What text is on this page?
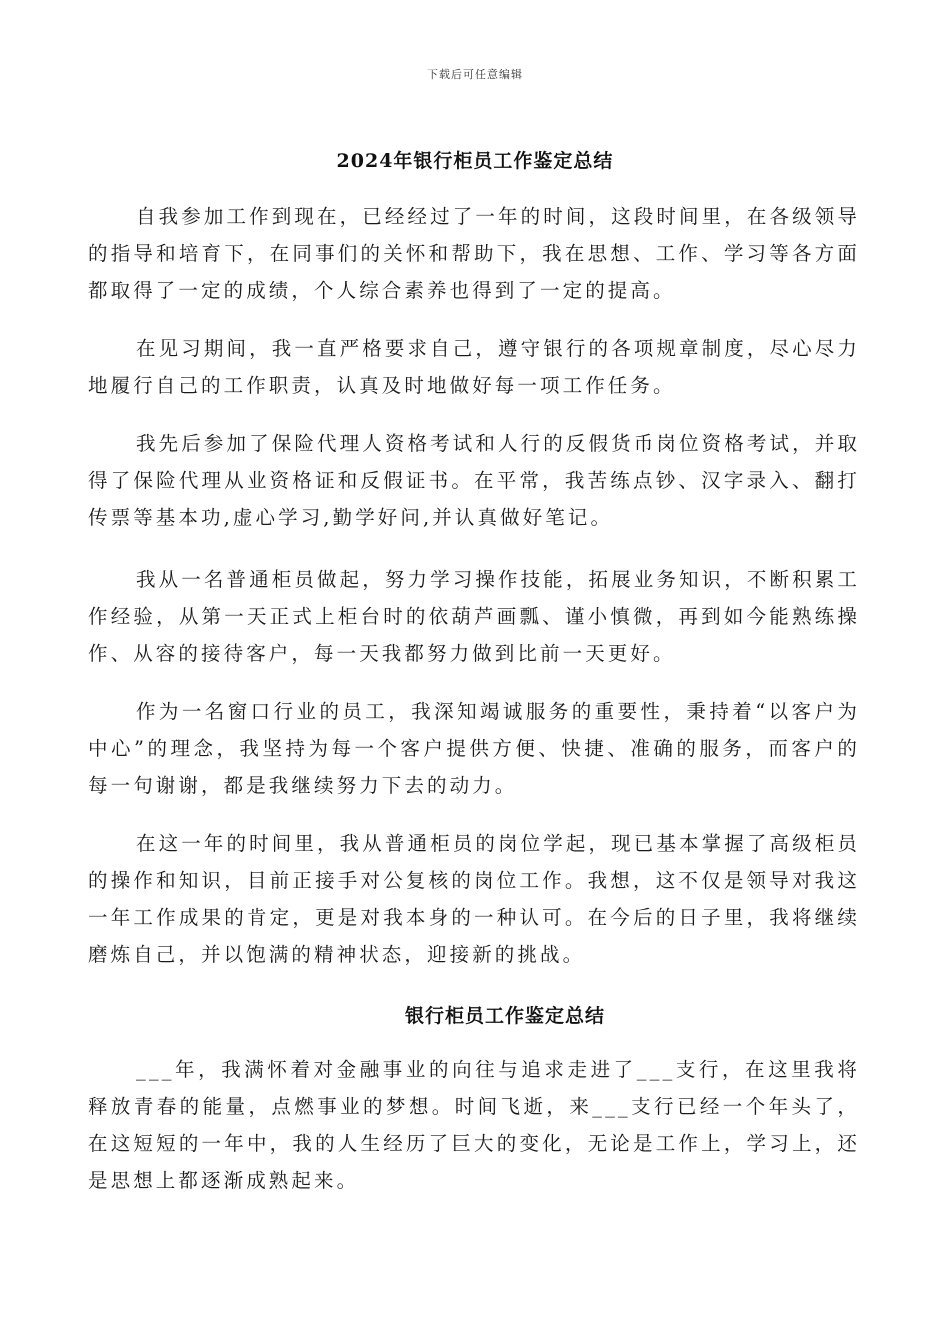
下载后可任意编辑
2024年银行柜员工作鉴定总结

自我参加工作到现在，已经经过了一年的时间，这段时间里，在各级领导的指导和培育下，在同事们的关怀和帮助下，我在思想、工作、学习等各方面都取得了一定的成绩，个人综合素养也得到了一定的提高。

在见习期间，我一直严格要求自己，遵守银行的各项规章制度，尽心尽力地履行自己的工作职责，认真及时地做好每一项工作任务。

我先后参加了保险代理人资格考试和人行的反假货币岗位资格考试，并取得了保险代理从业资格证和反假证书。在平常，我苦练点钞、汉字录入、翻打传票等基本功,虚心学习,勤学好问,并认真做好笔记。

我从一名普通柜员做起，努力学习操作技能，拓展业务知识，不断积累工作经验，从第一天正式上柜台时的依葫芦画瓢、谨小慎微，再到如今能熟练操作、从容的接待客户，每一天我都努力做到比前一天更好。

作为一名窗口行业的员工，我深知竭诚服务的重要性，秉持着“以客户为中心”的理念，我坚持为每一个客户提供方便、快捷、准确的服务，而客户的每一句谢谢，都是我继续努力下去的动力。

在这一年的时间里，我从普通柜员的岗位学起，现已基本掌握了高级柜员的操作和知识，目前正接手对公复核的岗位工作。我想，这不仅是领导对我这一年工作成果的肯定，更是对我本身的一种认可。在今后的日子里，我将继续磨炼自己，并以饱满的精神状态，迎接新的挑战。

银行柜员工作鉴定总结

___年，我满怀着对金融事业的向往与追求走进了___支行，在这里我将释放青春的能量，点燃事业的梦想。时间飞逝，来___支行已经一个年头了，在这短短的一年中，我的人生经历了巨大的变化，无论是工作上，学习上，还是思想上都逐渐成熟起来。
